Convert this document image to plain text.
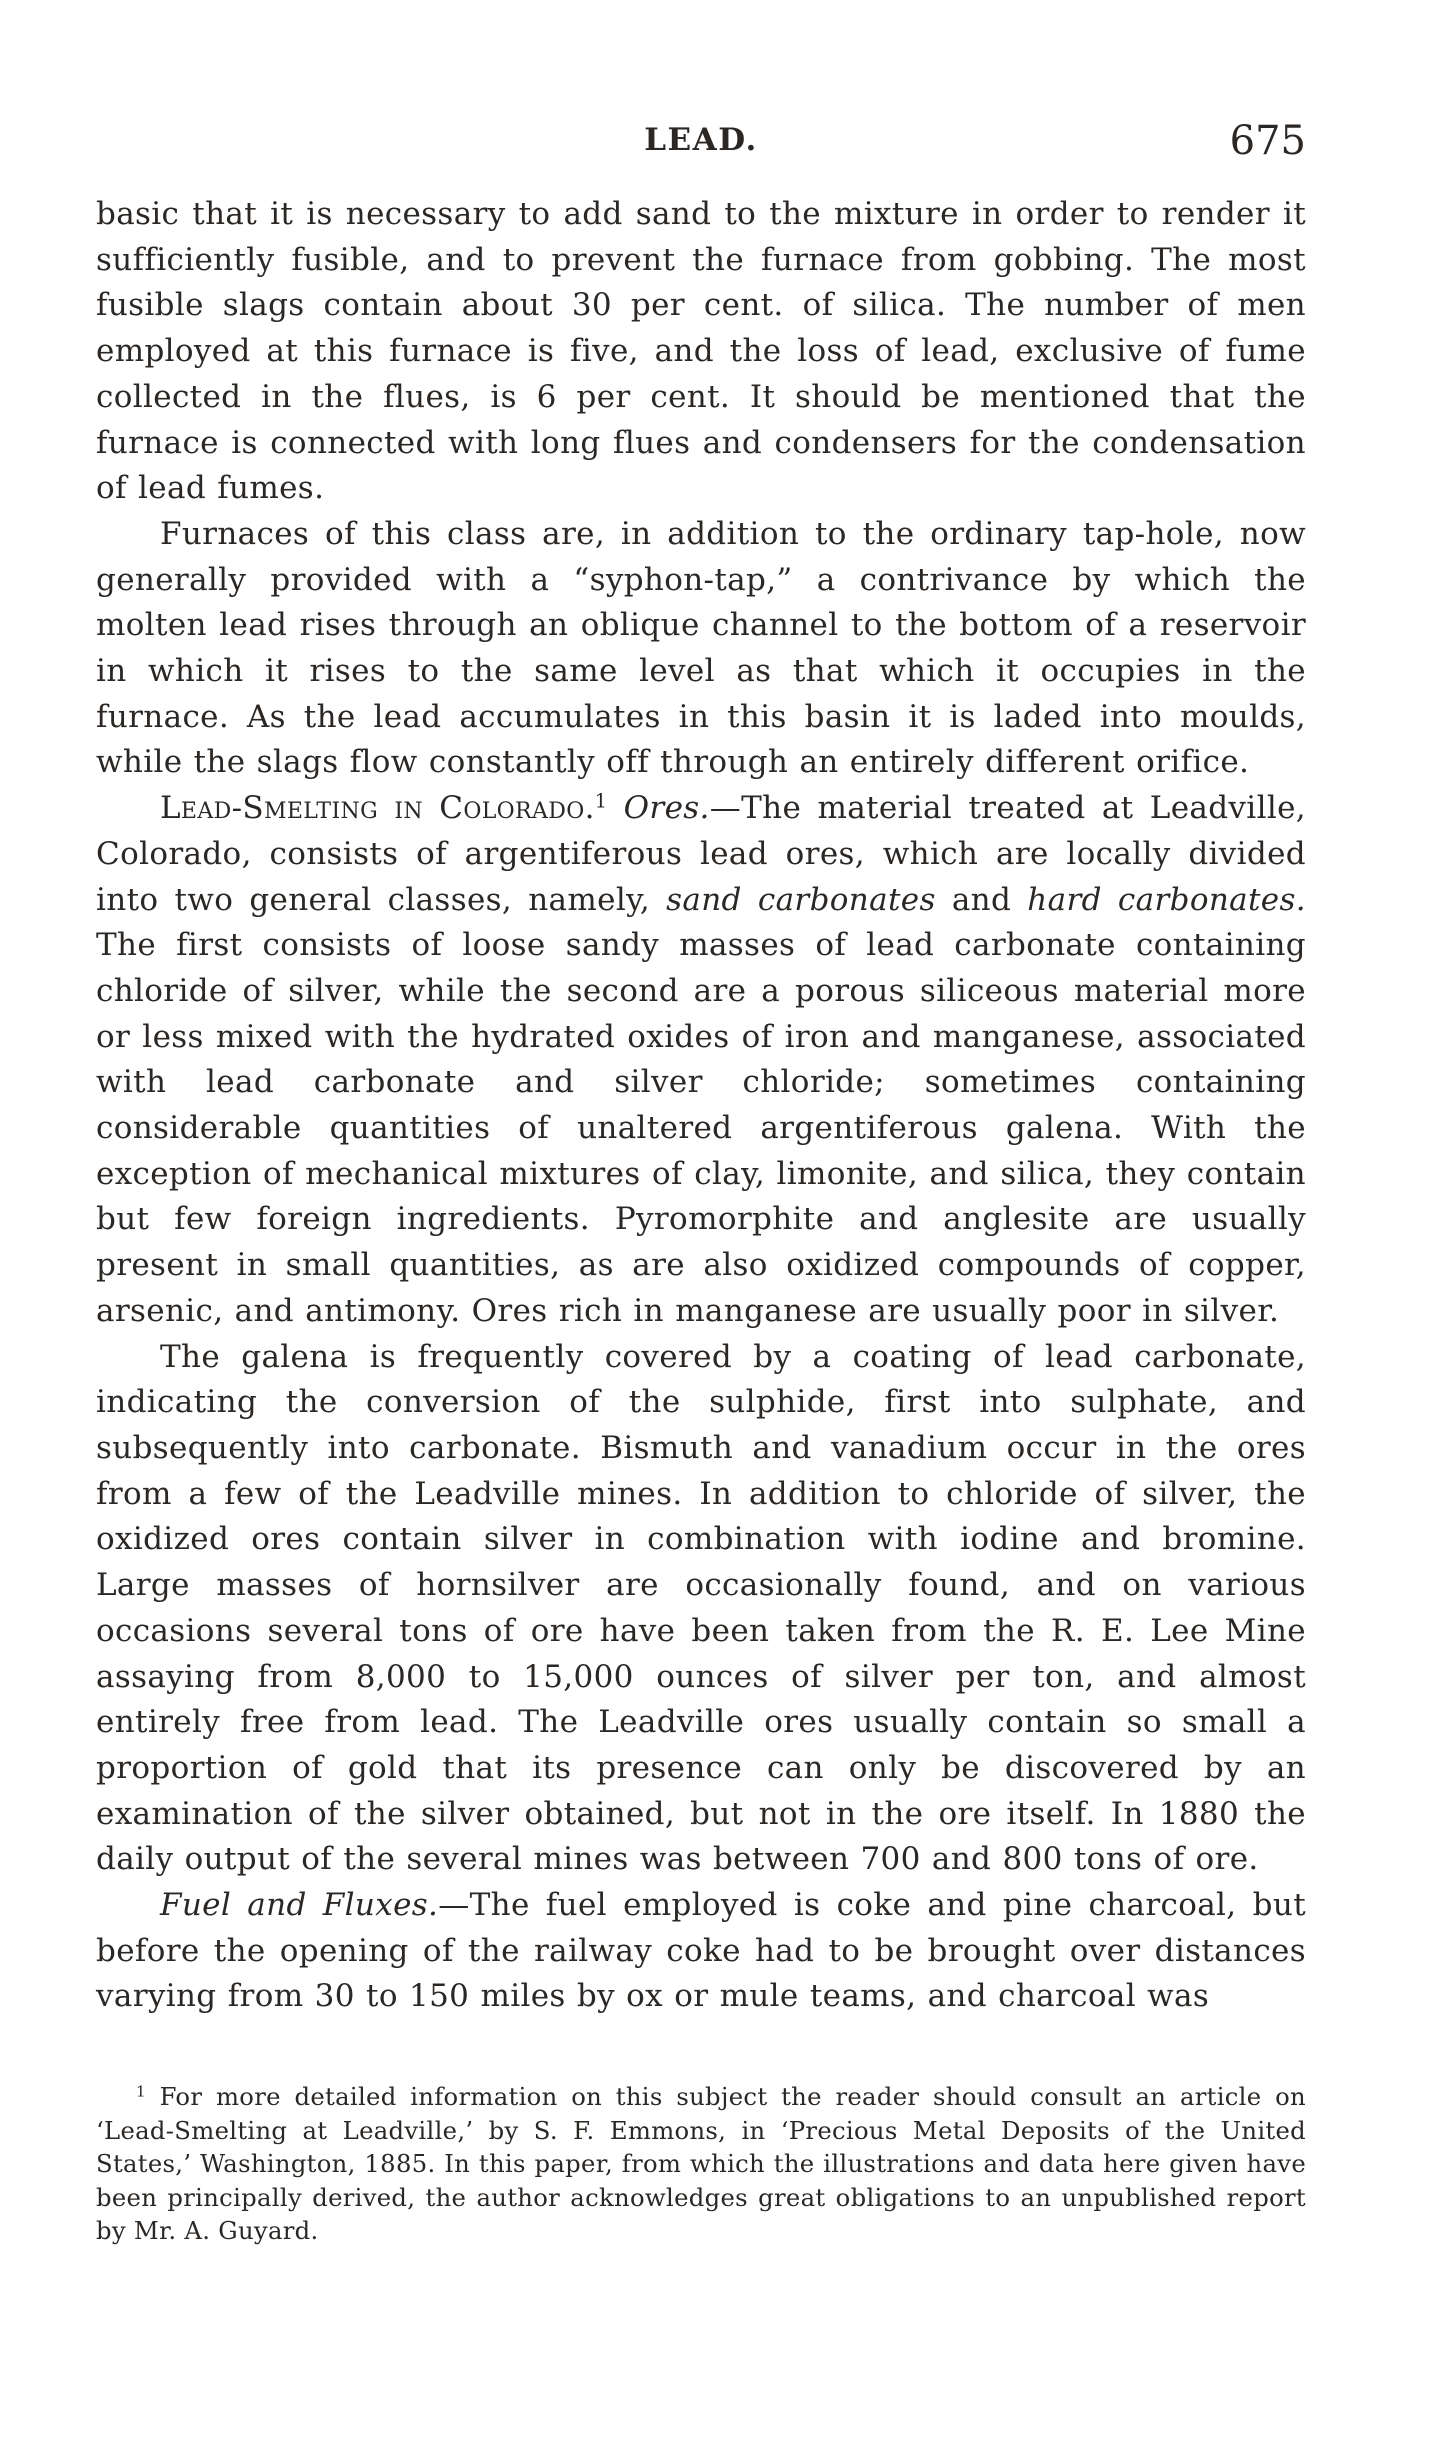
LEAD.	675

basic that it is necessary to add sand to the mixture in order to render it sufficiently fusible, and to prevent the furnace from gobbing. The most fusible slags contain about 30 per cent. of silica. The number of men employed at this furnace is five, and the loss of lead, exclusive of fume collected in the flues, is 6 per cent. It should be mentioned that the furnace is connected with long flues and condensers for the condensation of lead fumes.

Furnaces of this class are, in addition to the ordinary tap-hole, now generally provided with a “syphon-tap,” a contrivance by which the molten lead rises through an oblique channel to the bottom of a reservoir in which it rises to the same level as that which it occupies in the furnace. As the lead accumulates in this basin it is laded into moulds, while the slags flow constantly off through an entirely different orifice.

Lead-Smelting in Colorado.$^1$ Ores.—The material treated at Leadville, Colorado, consists of argentiferous lead ores, which are locally divided into two general classes, namely, sand carbonates and hard carbonates. The first consists of loose sandy masses of lead carbonate containing chloride of silver, while the second are a porous siliceous material more or less mixed with the hydrated oxides of iron and manganese, associated with lead carbonate and silver chloride; sometimes containing considerable quantities of unaltered argentiferous galena. With the exception of mechanical mixtures of clay, limonite, and silica, they contain but few foreign ingredients. Pyromorphite and anglesite are usually present in small quantities, as are also oxidized compounds of copper, arsenic, and antimony. Ores rich in manganese are usually poor in silver.

The galena is frequently covered by a coating of lead carbonate, indicating the conversion of the sulphide, first into sulphate, and subsequently into carbonate. Bismuth and vanadium occur in the ores from a few of the Leadville mines. In addition to chloride of silver, the oxidized ores contain silver in combination with iodine and bromine. Large masses of hornsilver are occasionally found, and on various occasions several tons of ore have been taken from the R. E. Lee Mine assaying from 8,000 to 15,000 ounces of silver per ton, and almost entirely free from lead. The Leadville ores usually contain so small a proportion of gold that its presence can only be discovered by an examination of the silver obtained, but not in the ore itself. In 1880 the daily output of the several mines was between 700 and 800 tons of ore.

Fuel and Fluxes.—The fuel employed is coke and pine charcoal, but before the opening of the railway coke had to be brought over distances varying from 30 to 150 miles by ox or mule teams, and charcoal was

$^1$ For more detailed information on this subject the reader should consult an article on ‘Lead-Smelting at Leadville,’ by S. F. Emmons, in ‘Precious Metal Deposits of the United States,’ Washington, 1885. In this paper, from which the illustrations and data here given have been principally derived, the author acknowledges great obligations to an unpublished report by Mr. A. Guyard.
